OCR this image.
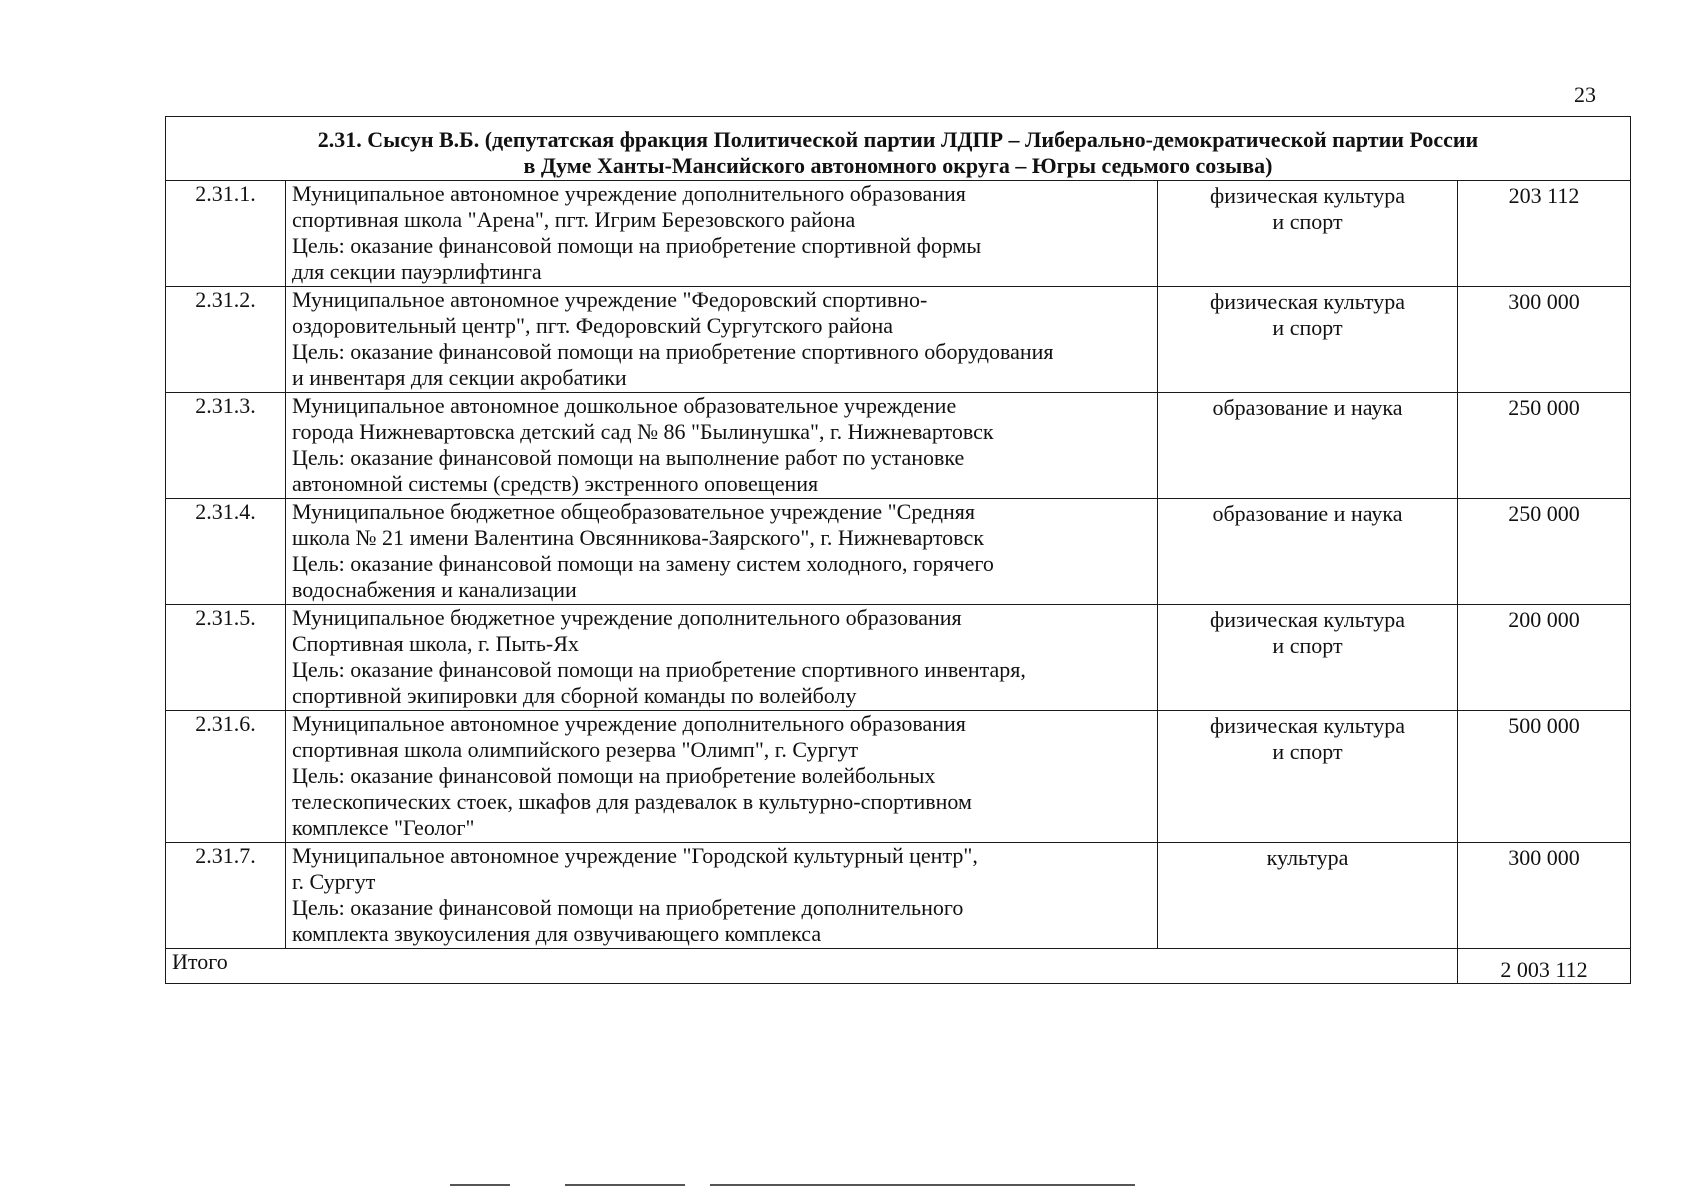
23
2.31. Сысун В.Б. (депутатская фракция Политической партии ЛДПР – Либерально-демократической партии России
в Думе Ханты-Мансийского автономного округа – Югры седьмого созыва)			
2.31.1.	Муниципальное автономное учреждение дополнительного образования
спортивная школа "Арена", пгт. Игрим Березовского района
Цель: оказание финансовой помощи на приобретение спортивной формы
для секции пауэрлифтинга	физическая культура
и спорт	203 112
2.31.2.	Муниципальное автономное учреждение "Федоровский спортивно-
оздоровительный центр", пгт. Федоровский Сургутского района
Цель: оказание финансовой помощи на приобретение спортивного оборудования
и инвентаря для секции акробатики	физическая культура
и спорт	300 000
2.31.3.	Муниципальное автономное дошкольное образовательное учреждение
города Нижневартовска детский сад № 86 "Былинушка", г. Нижневартовск
Цель: оказание финансовой помощи на выполнение работ по установке
автономной системы (средств) экстренного оповещения	образование и наука	250 000
2.31.4.	Муниципальное бюджетное общеобразовательное учреждение "Средняя
школа № 21 имени Валентина Овсянникова-Заярского", г. Нижневартовск
Цель: оказание финансовой помощи на замену систем холодного, горячего
водоснабжения и канализации	образование и наука	250 000
2.31.5.	Муниципальное бюджетное учреждение дополнительного образования
Спортивная школа, г. Пыть-Ях
Цель: оказание финансовой помощи на приобретение спортивного инвентаря,
спортивной экипировки для сборной команды по волейболу	физическая культура
и спорт	200 000
2.31.6.	Муниципальное автономное учреждение дополнительного образования
спортивная школа олимпийского резерва "Олимп", г. Сургут
Цель: оказание финансовой помощи на приобретение волейбольных
телескопических стоек, шкафов для раздевалок в культурно-спортивном
комплексе "Геолог"	физическая культура
и спорт	500 000
2.31.7.	Муниципальное автономное учреждение "Городской культурный центр",
г. Сургут
Цель: оказание финансовой помощи на приобретение дополнительного
комплекта звукоусиления для озвучивающего комплекса	культура	300 000
Итого			2 003 112
